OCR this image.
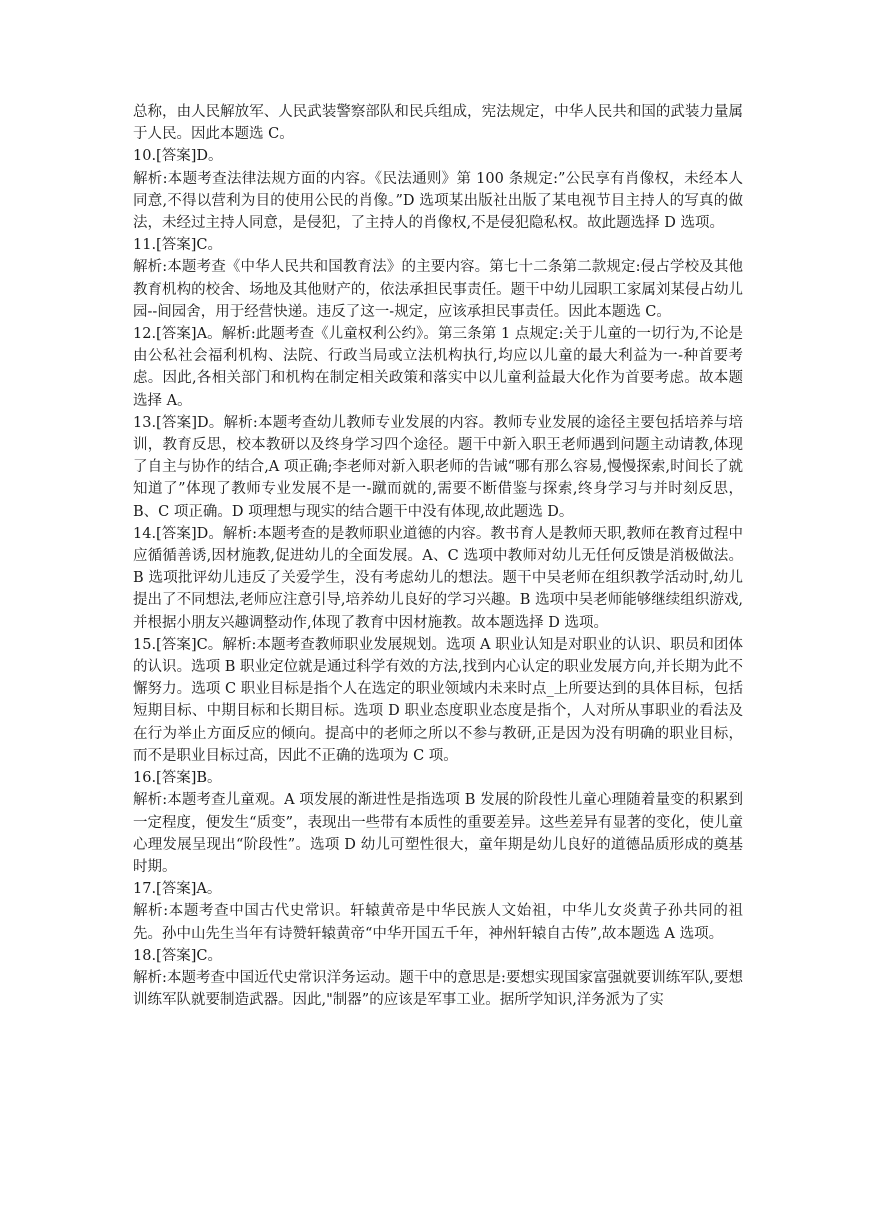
总称，由人民解放军、人民武装警察部队和民兵组成，宪法规定，中华人民共和国的武装力量属于人民。因此本题选 C。

10.[答案]D。

解析:本题考查法律法规方面的内容。《民法通则》第 100 条规定:”公民享有肖像权，未经本人同意,不得以营利为目的使用公民的肖像。”D 选项某出版社出版了某电视节目主持人的写真的做法，未经过主持人同意，是侵犯，了主持人的肖像权,不是侵犯隐私权。故此题选择 D 选项。

11.[答案]C。

解析:本题考查《中华人民共和国教育法》的主要内容。第七十二条第二款规定:侵占学校及其他教育机构的校舍、场地及其他财产的，依法承担民事责任。题干中幼儿园职工家属刘某侵占幼儿园--间园舍，用于经营快递。违反了这一-规定，应该承担民事责任。因此本题选 C。

12.[答案]A。解析:此题考查《儿童权利公约》。第三条第 1 点规定:关于儿童的一切行为,不论是由公私社会福利机构、法院、行政当局或立法机构执行,均应以儿童的最大利益为一-种首要考虑。因此,各相关部门和机构在制定相关政策和落实中以儿童利益最大化作为首要考虑。故本题选择 A。

13.[答案]D。解析:本题考查幼儿教师专业发展的内容。教师专业发展的途径主要包括培养与培训，教育反思，校本教研以及终身学习四个途径。题干中新入职王老师遇到问题主动请教,体现了自主与协作的结合,A 项正确;李老师对新入职老师的告诫“哪有那么容易,慢慢探索,时间长了就知道了”体现了教师专业发展不是一-蹴而就的,需要不断借鉴与探索,终身学习与并时刻反思，B、C 项正确。D 项理想与现实的结合题干中没有体现,故此题选 D。

14.[答案]D。解析:本题考查的是教师职业道德的内容。教书育人是教师天职,教师在教育过程中应循循善诱,因材施教,促进幼儿的全面发展。A、C 选项中教师对幼儿无任何反馈是消极做法。B 选项批评幼儿违反了关爱学生，没有考虑幼儿的想法。题干中吴老师在组织教学活动时,幼儿提出了不同想法,老师应注意引导,培养幼儿良好的学习兴趣。B 选项中吴老师能够继续组织游戏,并根据小朋友兴趣调整动作,体现了教育中因材施教。故本题选择 D 选项。

15.[答案]C。解析:本题考查教师职业发展规划。选项 A 职业认知是对职业的认识、职员和团体的认识。选项 B 职业定位就是通过科学有效的方法,找到内心认定的职业发展方向,并长期为此不懈努力。选项 C 职业目标是指个人在选定的职业领域内未来时点_上所要达到的具体目标，包括短期目标、中期目标和长期目标。选项 D 职业态度职业态度是指个，人对所从事职业的看法及在行为举止方面反应的倾向。提高中的老师之所以不参与教研,正是因为没有明确的职业目标，而不是职业目标过高，因此不正确的选项为 C 项。

16.[答案]B。

解析:本题考查儿童观。A 项发展的渐进性是指选项 B 发展的阶段性儿童心理随着量变的积累到一定程度，便发生“质变”，表现出一些带有本质性的重要差异。这些差异有显著的变化，使儿童心理发展呈现出“阶段性”。选项 D 幼儿可塑性很大，童年期是幼儿良好的道德品质形成的奠基时期。

17.[答案]A。

解析:本题考查中国古代史常识。轩辕黄帝是中华民族人文始祖，中华儿女炎黄子孙共同的祖先。孙中山先生当年有诗赞轩辕黄帝“中华开国五千年，神州轩辕自古传”,故本题选 A 选项。

18.[答案]C。

解析:本题考查中国近代史常识洋务运动。题干中的意思是:要想实现国家富强就要训练军队,要想训练军队就要制造武器。因此,"制器”的应该是军事工业。据所学知识,洋务派为了实
